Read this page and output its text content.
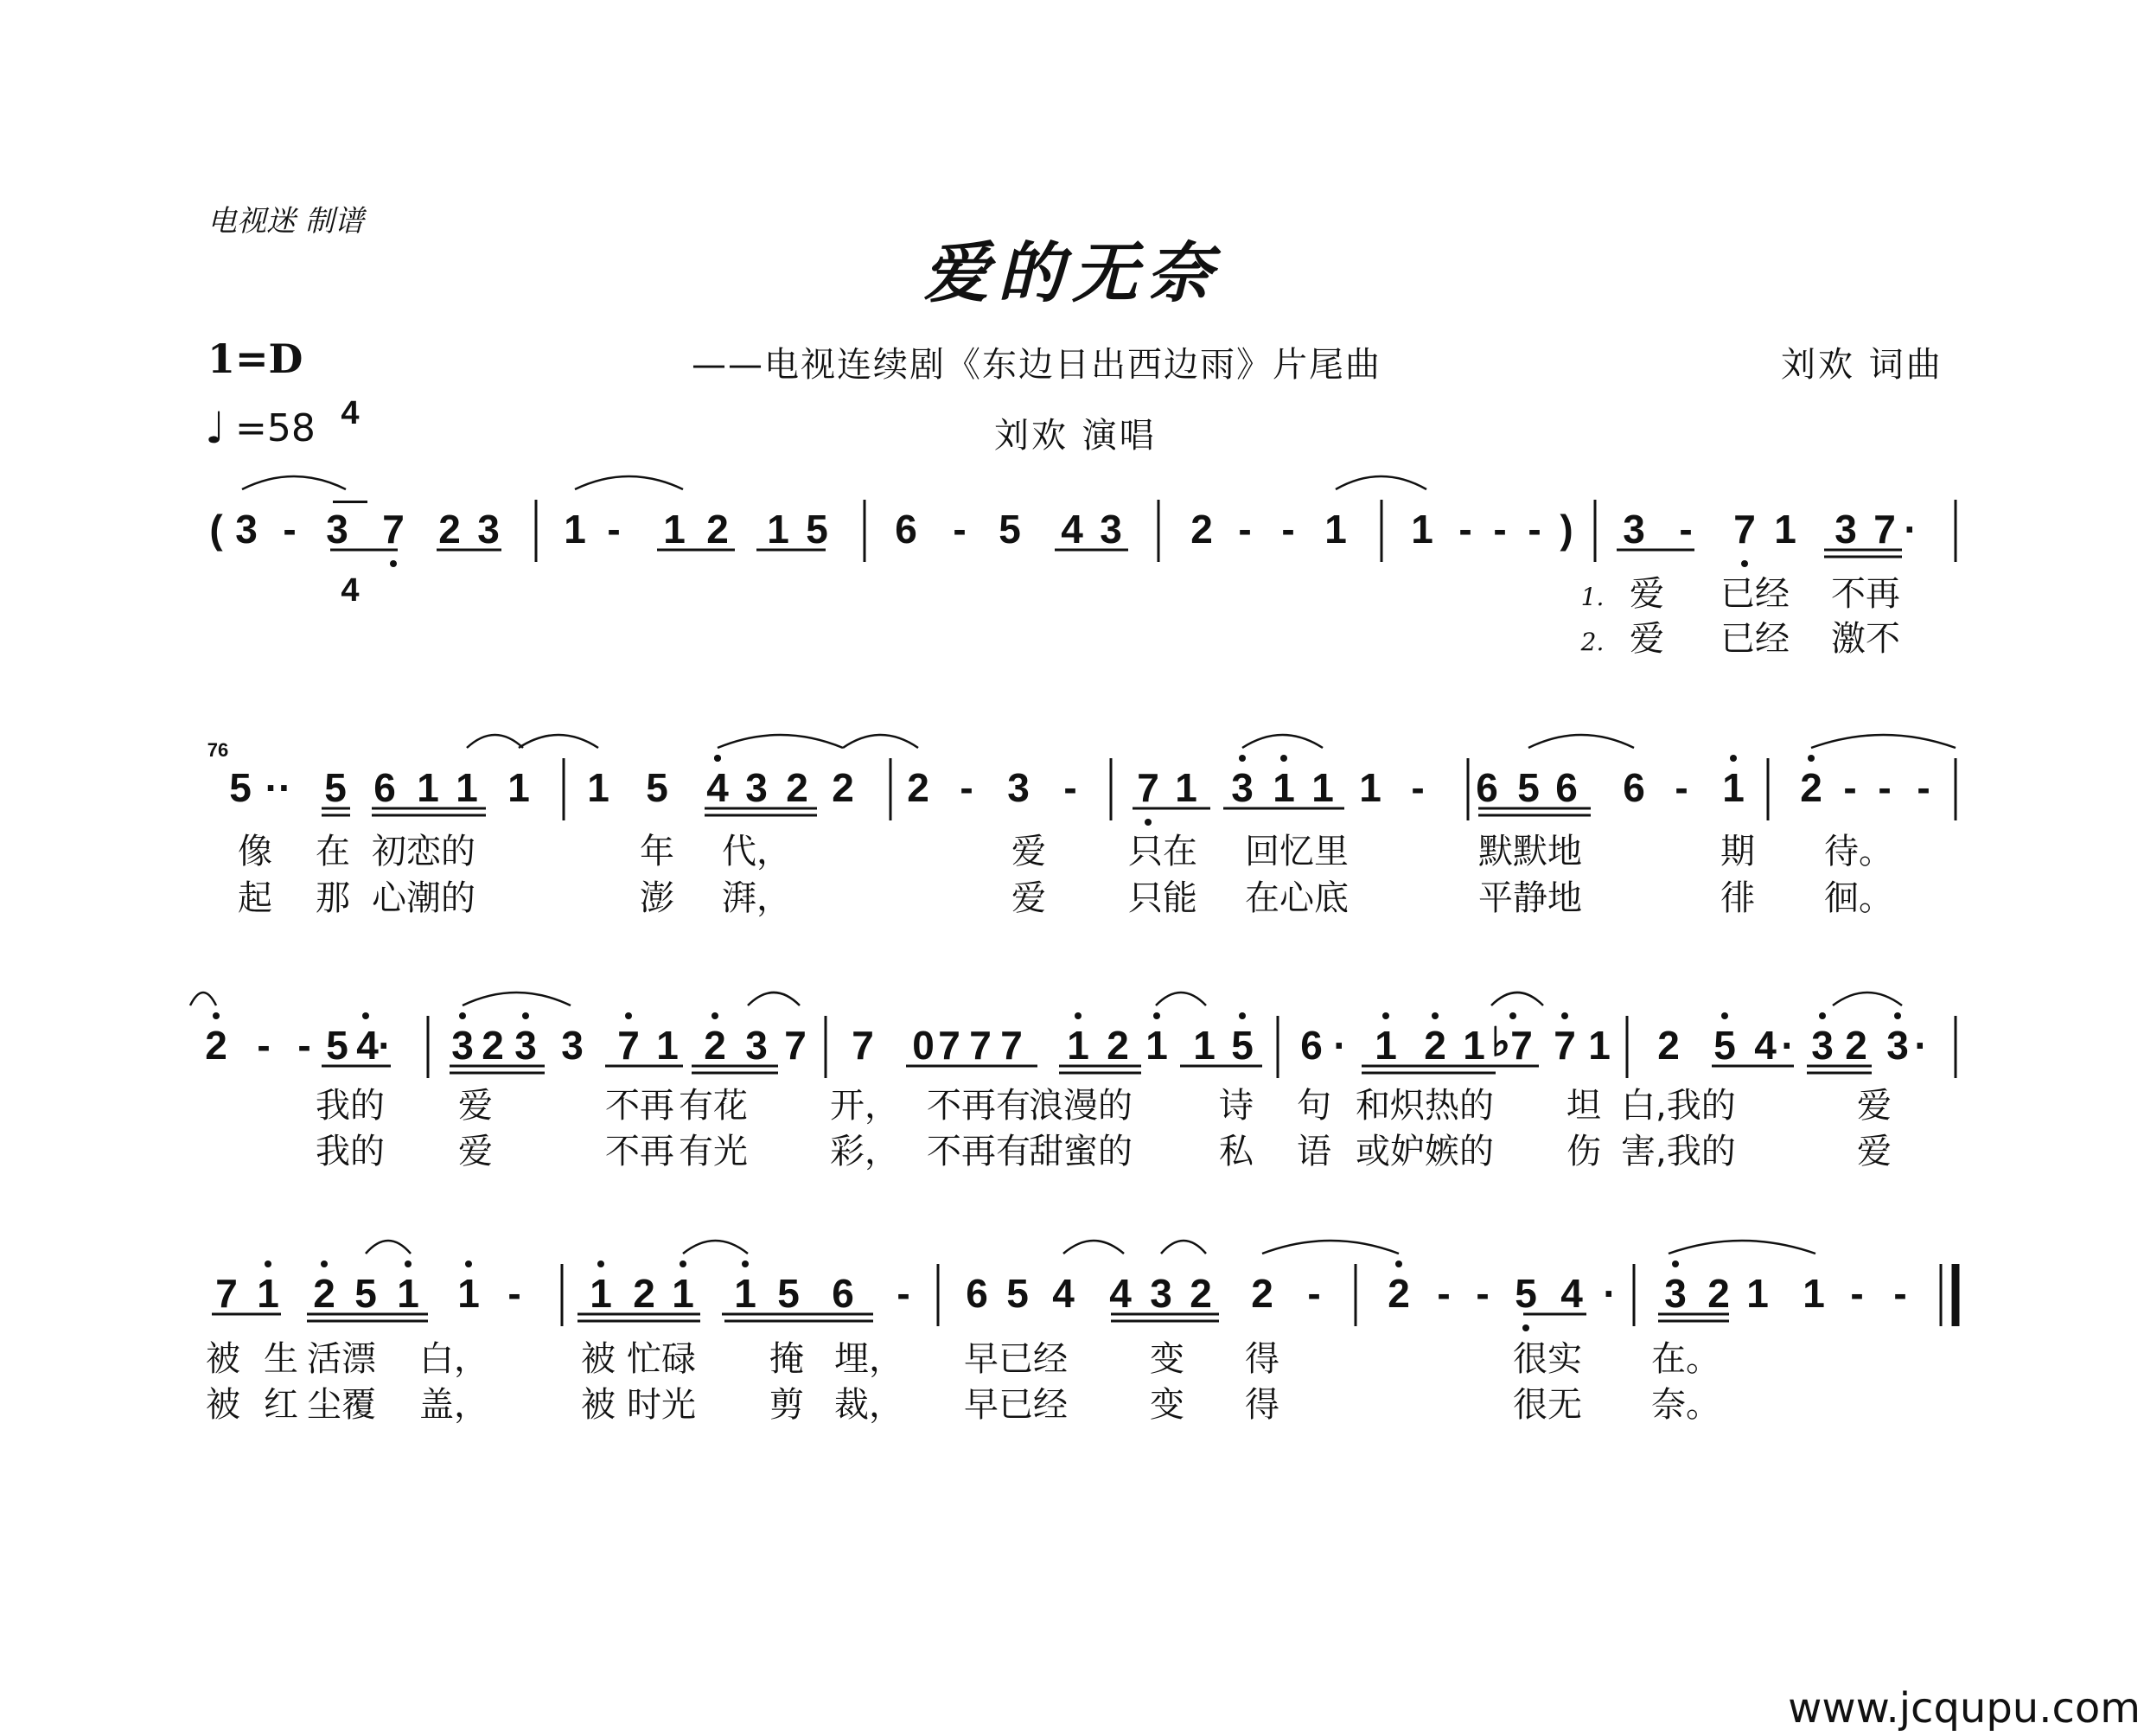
电视迷 制谱
爱的无奈
1=D

4

4

♩ =58
——电视连续剧《东边日出西边雨》片尾曲	刘欢 词曲
刘欢 演唱
www.jcqupu.com
( 3 - 3 7 2 3 1 - 1 2 1 5 6 - 5 4 3 2 - - 1 1 - - - ) 3 - 7 1 3 7 ·
76
5 ·· 5 6 1 1 1 1 5 4 3 2 2 2 - 3 - 7 1 3 1 1 1 - 6 5 6 6 - 1 2 - - -
2 - - 5 4 · 3 2 3 3 7 1 2 3 7 7 0 7 7 7 1 2 1 1 5 6 · 1 2 1 ♭ 7 7 1 2 5 4 · 3 2 3 ·
7 1 2 5 1 1 - 1 2 1 1 5 6 - 6 5 4 4 3 2 2 - 2 - - 5 4 · 3 2 1 1 - -
1.
2.
爱 已经 不再
爱 已经 激不
像 在 初恋的	年 代，	爱 只在 回忆里	默默地	期 待。
起 那 心潮的	澎 湃，	爱 只能 在心底	平静地	徘 徊。
我的 爱	不再 有花 开， 不再有
浪漫的	诗 句 和炽热的 坦 白,我的	爱
我的 爱	不再 有光 彩， 不再有
甜蜜的	私 语 或妒嫉的 伤 害,我的	爱
被 生 活漂 白，	被 忙碌 掩 埋， 早已经 变 得	很实 在。
被 红 尘覆 盖，	被 时光 剪 裁， 早已经 变 得	很无 奈。
